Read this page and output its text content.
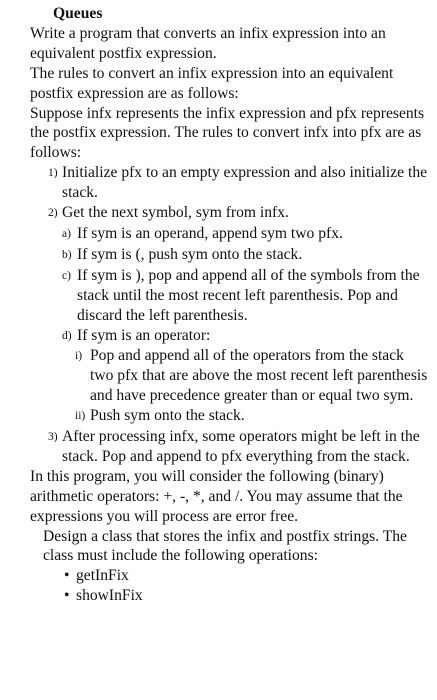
Queues

Write a program that converts an infix expression into an equivalent postfix expression.

The rules to convert an infix expression into an equivalent postfix expression are as follows:

Suppose infx represents the infix expression and pfx represents the postfix expression. The rules to convert infx into pfx are as follows:

1) Initialize pfx to an empty expression and also initialize the stack.
2) Get the next symbol, sym from infx.
a) If sym is an operand, append sym two pfx.
b) If sym is (, push sym onto the stack.
c) If sym is ), pop and append all of the symbols from the stack until the most recent left parenthesis. Pop and discard the left parenthesis.
d) If sym is an operator:
i) Pop and append all of the operators from the stack two pfx that are above the most recent left parenthesis and have precedence greater than or equal two sym.
ii) Push sym onto the stack.
3) After processing infx, some operators might be left in the stack. Pop and append to pfx everything from the stack.

In this program, you will consider the following (binary) arithmetic operators: +, -, *, and /. You may assume that the expressions you will process are error free.

Design a class that stores the infix and postfix strings. The class must include the following operations:

• getInFix
• showInFix
